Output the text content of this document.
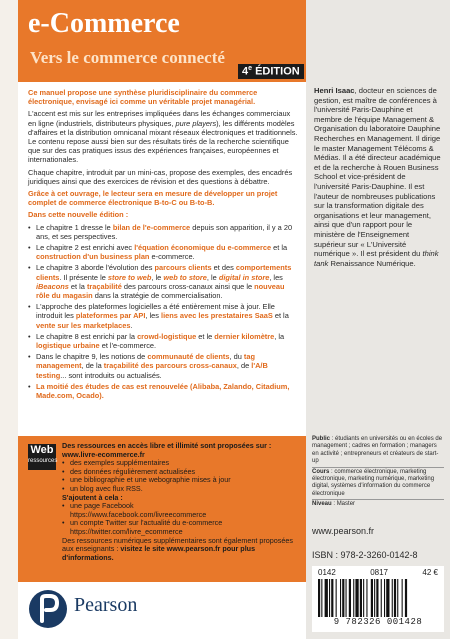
e-Commerce
Vers le commerce connecté
4e ÉDITION

Ce manuel propose une synthèse pluridisciplinaire du commerce électronique, envisagé ici comme un véritable projet managérial.

L'accent est mis sur les entreprises impliquées dans les échanges commerciaux en ligne (industriels, distributeurs physiques, pure players), les différents modèles d'affaires et la distribution omnicanal mixant réseaux électroniques et traditionnels. Le contenu repose aussi bien sur des résultats tirés de la recherche scientifique que sur des cas pratiques issus des expériences françaises, européennes et internationales.

Chaque chapitre, introduit par un mini-cas, propose des exemples, des encadrés juridiques ainsi que des exercices de révision et des questions à débattre.

Grâce à cet ouvrage, le lecteur sera en mesure de développer un projet complet de commerce électronique B-to-C ou B-to-B.

Dans cette nouvelle édition :

• Le chapitre 1 dresse le bilan de l'e-commerce depuis son apparition, il y a 20 ans, et ses perspectives.
• Le chapitre 2 est enrichi avec l'équation économique du e-commerce et la construction d'un business plan e-commerce.
• Le chapitre 3 aborde l'évolution des parcours clients et des comportements clients. Il présente le store to web, le web to store, le digital in store, les iBeacons et la traçabilité des parcours cross-canaux ainsi que le nouveau rôle du magasin dans la stratégie de commercialisation.
• L'approche des plateformes logicielles a été entièrement mise à jour. Elle introduit les plateformes par API, les liens avec les prestataires SaaS et la vente sur les marketplaces.
• Le chapitre 8 est enrichi par la crowd-logistique et le dernier kilomètre, la logistique urbaine et l'e-commerce.
• Dans le chapitre 9, les notions de communauté de clients, du tag management, de la traçabilité des parcours cross-canaux, de l'A/B testing... sont introduits ou actualisés.
• La moitié des études de cas est renouvelée (Alibaba, Zalando, Citadium, Made.com, Ocado).
Web
ressources
Des ressources en accès libre et illimité sont proposées sur :
www.livre-ecommerce.fr
• des exemples supplémentaires
• des données régulièrement actualisées
• une bibliographie et une webographie mises à jour
• un blog avec flux RSS.
S'ajoutent à cela :
• une page Facebook
https://www.facebook.com/livreecommerce
• un compte Twitter sur l'actualité du e-commerce
https://twitter.com/livre_ecommerce
Des ressources numériques supplémentaires sont également proposées aux enseignants : visitez le site www.pearson.fr pour plus d'informations.
Pearson
Henri Isaac, docteur en sciences de gestion, est maître de conférences à l'université Paris-Dauphine et membre de l'équipe Management & Organisation du laboratoire Dauphine Recherches en Management. Il dirige le master Management Télécoms & Médias. Il a été directeur académique et de la recherche à Rouen Business School et vice-président de l'université Paris-Dauphine. Il est l'auteur de nombreuses publications sur la transformation digitale des organisations et leur management, ainsi que d'un rapport pour le ministère de l'Enseignement supérieur sur « L'Université numérique ». Il est président du think tank Renaissance Numérique.
Public : étudiants en universités ou en écoles de management ; cadres en formation ; managers en activité ; entrepreneurs et créateurs de start-up
Cours : commerce électronique, marketing électronique, marketing numérique, marketing digital, systèmes d'information du commerce électronique
Niveau : Master
www.pearson.fr
ISBN : 978-2-3260-0142-8
0142	0817	42 €
9 782326 001428
